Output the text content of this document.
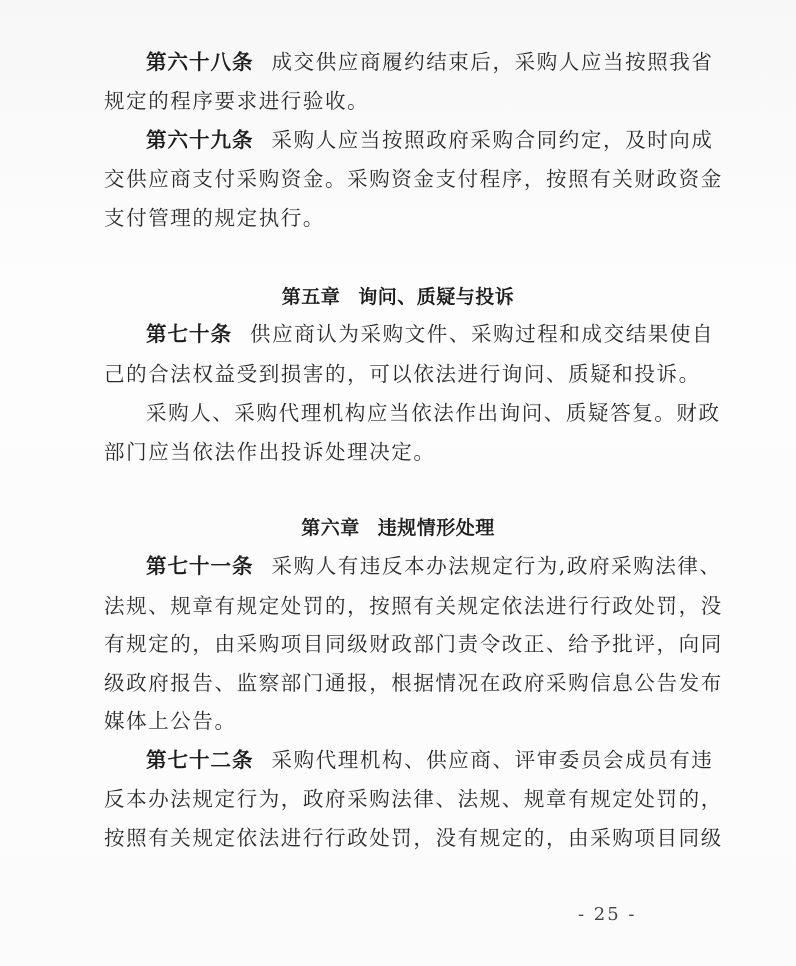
第六十八条 成交供应商履约结束后，采购人应当按照我省
规定的程序要求进行验收。
第六十九条 采购人应当按照政府采购合同约定，及时向成
交供应商支付采购资金。采购资金支付程序，按照有关财政资金
支付管理的规定执行。
第五章 询问、质疑与投诉
第七十条 供应商认为采购文件、采购过程和成交结果使自
己的合法权益受到损害的，可以依法进行询问、质疑和投诉。
采购人、采购代理机构应当依法作出询问、质疑答复。财政
部门应当依法作出投诉处理决定。
第六章 违规情形处理
第七十一条 采购人有违反本办法规定行为,政府采购法律、
法规、规章有规定处罚的，按照有关规定依法进行行政处罚，没
有规定的，由采购项目同级财政部门责令改正、给予批评，向同
级政府报告、监察部门通报，根据情况在政府采购信息公告发布
媒体上公告。
第七十二条 采购代理机构、供应商、评审委员会成员有违
反本办法规定行为，政府采购法律、法规、规章有规定处罚的，
按照有关规定依法进行行政处罚，没有规定的，由采购项目同级
- 25 -
